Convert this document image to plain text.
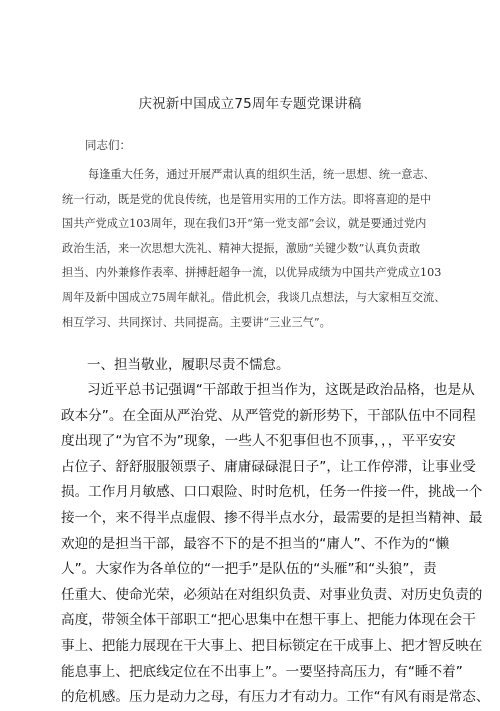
庆祝新中国成立75周年专题党课讲稿
同志们：
每逢重大任务，通过开展严肃认真的组织生活，统一思想、统一意志、
统一行动，既是党的优良传统，也是管用实用的工作方法。即将喜迎的是中
国共产党成立103周年，现在我们3开“第一党支部”会议，就是要通过党内
政治生活，来一次思想大洗礼、精神大提振，激励“关键少数”认真负责敢
担当、内外兼修作表率、拼搏赶超争一流，以优异成绩为中国共产党成立103
周年及新中国成立75周年献礼。借此机会，我谈几点想法，与大家相互交流、
相互学习、共同探讨、共同提高。主要讲“三业三气”。
一、担当敬业，履职尽责不懦怠。
习近平总书记强调“干部敢于担当作为，这既是政治品格，也是从
政本分”。在全面从严治党、从严管党的新形势下，干部队伍中不同程
度出现了“为官不为”现象，一些人不犯事但也不顶事，，，平平安安
占位子、舒舒服服领票子、庸庸碌碌混日子”，让工作停滞，让事业受
损。工作月月敏感、口口艰险、时时危机，任务一件接一件，挑战一个
接一个，来不得半点虚假、掺不得半点水分，最需要的是担当精神、最
欢迎的是担当干部，最容不下的是不担当的“庸人”、不作为的“懒
人”。大家作为各单位的“一把手”是队伍的“头雁”和“头狼”，责
任重大、使命光荣，必须站在对组织负责、对事业负责、对历史负责的
高度，带领全体干部职工“把心思集中在想干事上、把能力体现在会干
事上、把能力展现在干大事上、把目标锁定在干成事上、把才智反映在
能息事上、把底线定位在不出事上”。一要坚持高压力，有“睡不着”
的危机感。压力是动力之母，有压力才有动力。工作“有风有雨是常态、
